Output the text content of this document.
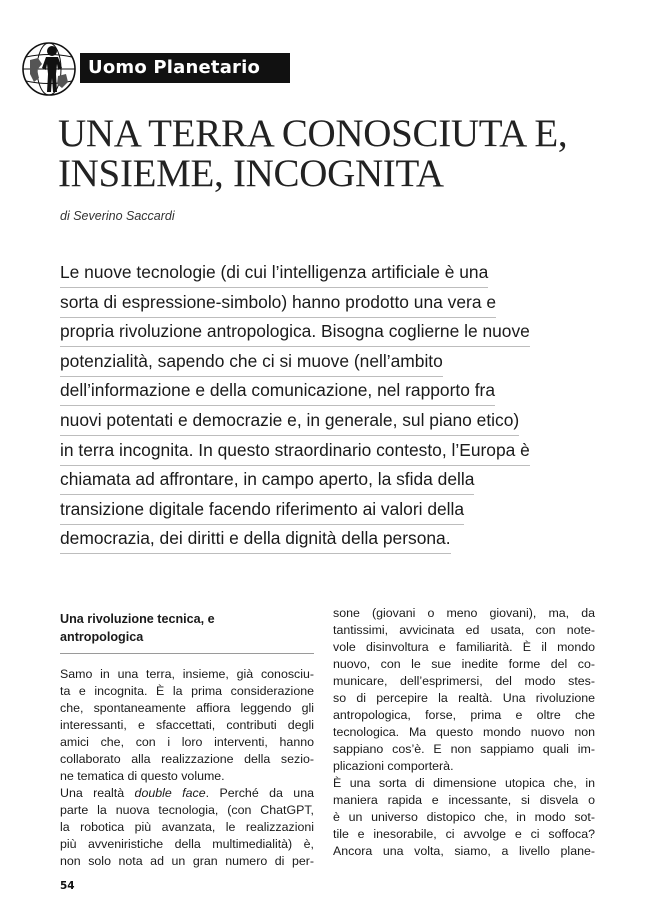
Uomo Planetario
UNA TERRA CONOSCIUTA E,
INSIEME, INCOGNITA
di Severino Saccardi
Le nuove tecnologie (di cui l’intelligenza artificiale è una
sorta di espressione-simbolo) hanno prodotto una vera e
propria rivoluzione antropologica. Bisogna coglierne le nuove
potenzialità, sapendo che ci si muove (nell’ambito
dell’informazione e della comunicazione, nel rapporto fra
nuovi potentati e democrazie e, in generale, sul piano etico)
in terra incognita. In questo straordinario contesto, l’Europa è
chiamata ad affrontare, in campo aperto, la sfida della
transizione digitale facendo riferimento ai valori della
democrazia, dei diritti e della dignità della persona.
Una rivoluzione tecnica, e
antropologica
Samo in una terra, insieme, già conosciu-
ta e incognita. È la prima considerazione
che, spontaneamente affiora leggendo gli
interessanti, e sfaccettati, contributi degli
amici che, con i loro interventi, hanno
collaborato alla realizzazione della sezio-
ne tematica di questo volume.
Una realtà double face. Perché da una
parte la nuova tecnologia, (con ChatGPT,
la robotica più avanzata, le realizzazioni
più avveniristiche della multimedialità) è,
non solo nota ad un gran numero di per-
sone (giovani o meno giovani), ma, da
tantissimi, avvicinata ed usata, con note-
vole disinvoltura e familiarità. È il mondo
nuovo, con le sue inedite forme del co-
municare, dell’esprimersi, del modo stes-
so di percepire la realtà. Una rivoluzione
antropologica, forse, prima e oltre che
tecnologica. Ma questo mondo nuovo non
sappiano cos’è. E non sappiamo quali im-
plicazioni comporterà.
È una sorta di dimensione utopica che, in
maniera rapida e incessante, si disvela o
è un universo distopico che, in modo sot-
tile e inesorabile, ci avvolge e ci soffoca?
Ancora una volta, siamo, a livello plane-
54
